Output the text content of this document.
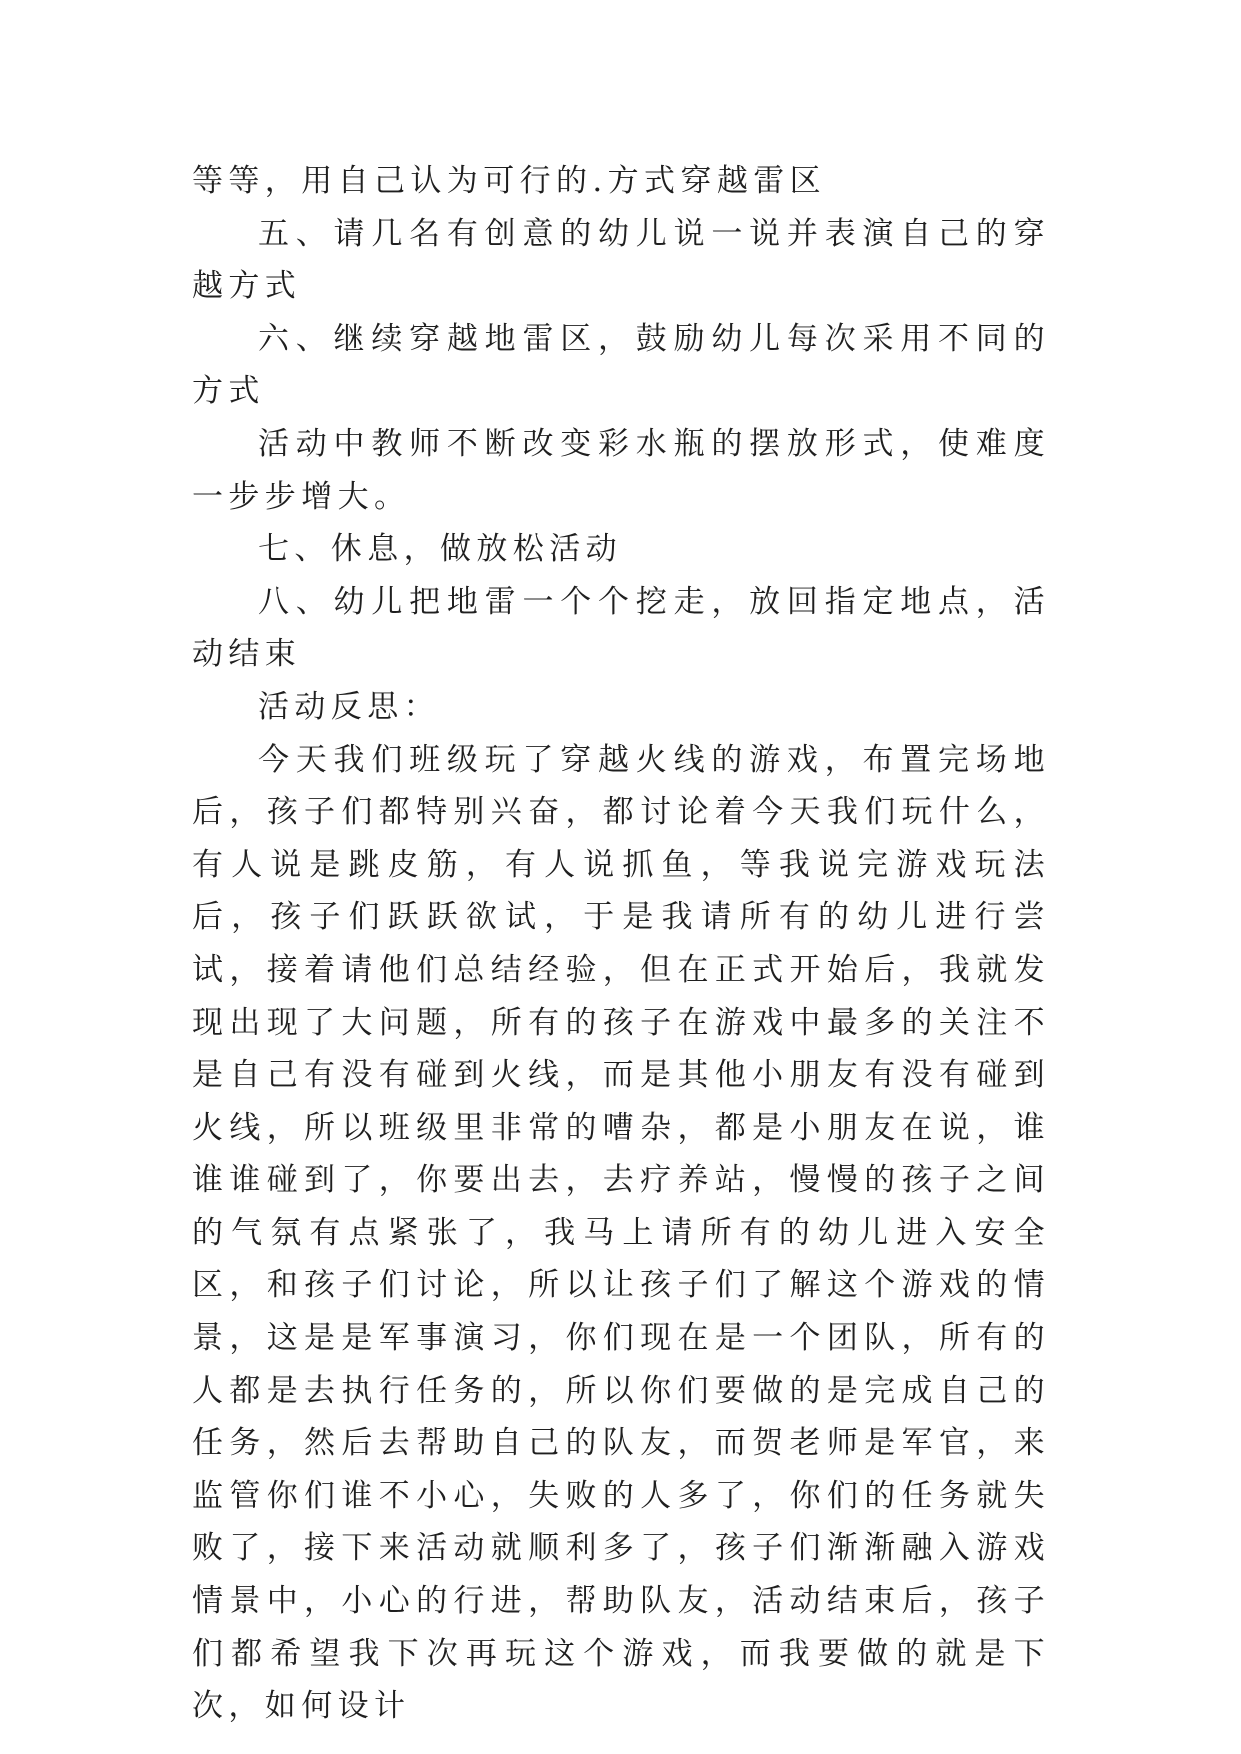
等等，用自己认为可行的.方式穿越雷区

五、请几名有创意的幼儿说一说并表演自己的穿越方式

六、继续穿越地雷区，鼓励幼儿每次采用不同的方式

活动中教师不断改变彩水瓶的摆放形式，使难度一步步增大。

七、休息，做放松活动

八、幼儿把地雷一个个挖走，放回指定地点，活动结束

活动反思：

今天我们班级玩了穿越火线的游戏，布置完场地后，孩子们都特别兴奋，都讨论着今天我们玩什么，有人说是跳皮筋，有人说抓鱼，等我说完游戏玩法后，孩子们跃跃欲试，于是我请所有的幼儿进行尝试，接着请他们总结经验，但在正式开始后，我就发现出现了大问题，所有的孩子在游戏中最多的关注不是自己有没有碰到火线，而是其他小朋友有没有碰到火线，所以班级里非常的嘈杂，都是小朋友在说，谁谁谁碰到了，你要出去，去疗养站，慢慢的孩子之间的气氛有点紧张了，我马上请所有的幼儿进入安全区，和孩子们讨论，所以让孩子们了解这个游戏的情景，这是是军事演习，你们现在是一个团队，所有的人都是去执行任务的，所以你们要做的是完成自己的任务，然后去帮助自己的队友，而贺老师是军官，来监管你们谁不小心，失败的人多了，你们的任务就失败了，接下来活动就顺利多了，孩子们渐渐融入游戏情景中，小心的行进，帮助队友，活动结束后，孩子们都希望我下次再玩这个游戏，而我要做的就是下次，如何设计
